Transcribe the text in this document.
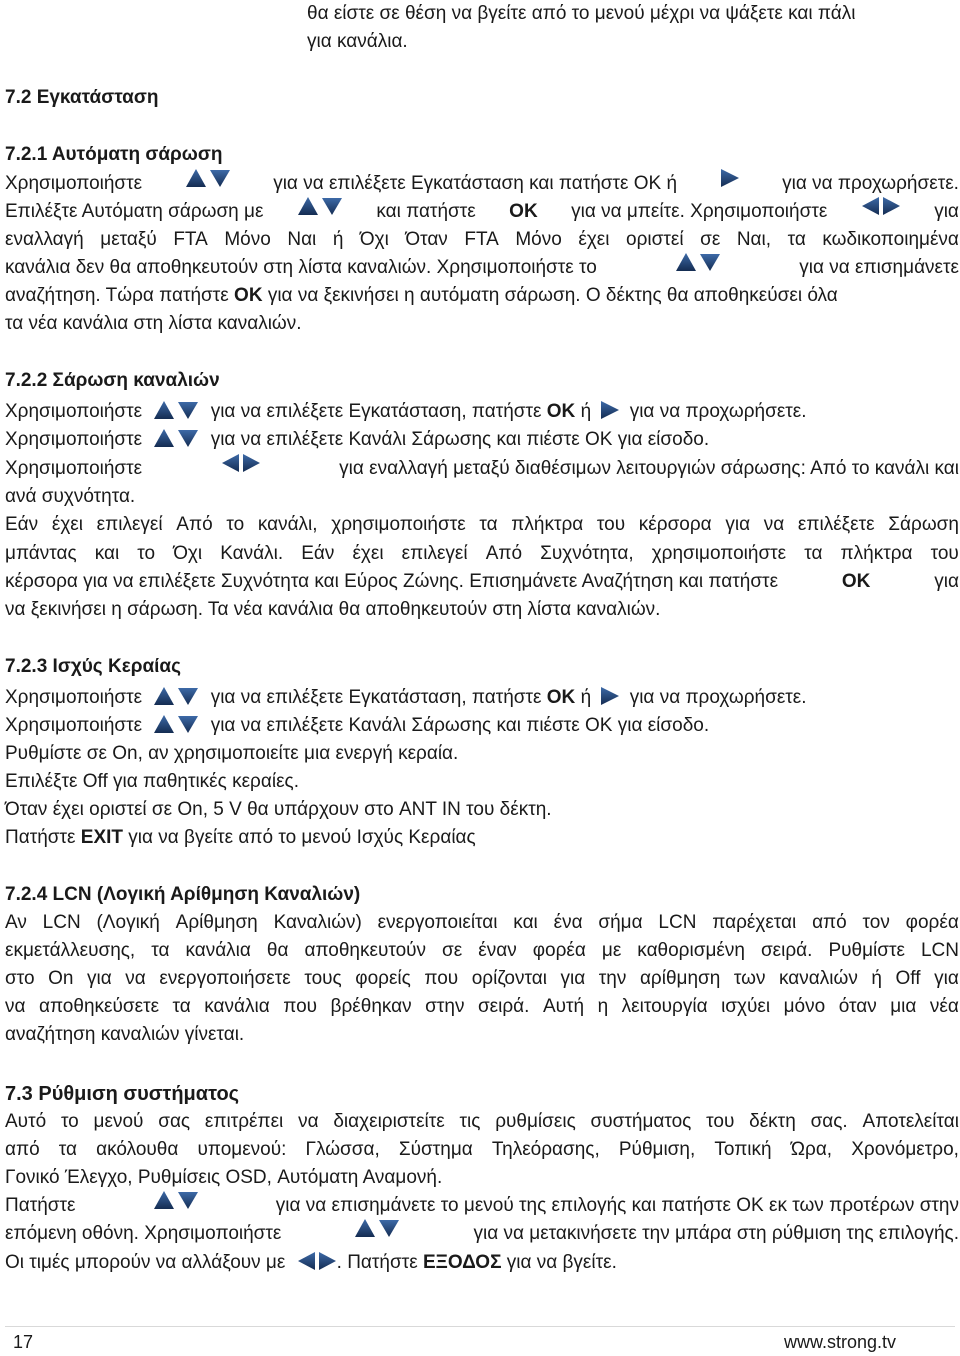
θα είστε σε θέση να βγείτε από το μενού μέχρι να ψάξετε και πάλι
για κανάλια.
7.2 Εγκατάσταση
7.2.1 Αυτόματη σάρωση
Χρησιμοποιήστε	για να επιλέξετε Εγκατάσταση και πατήστε ΟΚ ή	για να προχωρήσετε.
Επιλέξτε Αυτόματη σάρωση με	και πατήστε OK για να μπείτε. Χρησιμοποιήστε	για
εναλλαγή μεταξύ FTA Μόνο Ναι ή Όχι Όταν FTA Μόνο έχει οριστεί σε Ναι, τα κωδικοποιημένα
κανάλια δεν θα αποθηκευτούν στη λίστα καναλιών. Χρησιμοποιήστε το	για να επισημάνετε
αναζήτηση. Τώρα πατήστε OK για να ξεκινήσει η αυτόματη σάρωση. Ο δέκτης θα αποθηκεύσει όλα
τα νέα κανάλια στη λίστα καναλιών.
7.2.2 Σάρωση καναλιών
Χρησιμοποιήστε	για να επιλέξετε Εγκατάσταση, πατήστε OK ή για να προχωρήσετε.
Χρησιμοποιήστε	για να επιλέξετε Κανάλι Σάρωσης και πιέστε OK για είσοδο.
Χρησιμοποιήστε	για εναλλαγή μεταξύ διαθέσιμων λειτουργιών σάρωσης: Από το κανάλι και
ανά συχνότητα.
Εάν έχει επιλεγεί Από το κανάλι, χρησιμοποιήστε τα πλήκτρα του κέρσορα για να επιλέξετε Σάρωση
μπάντας και το Όχι Κανάλι. Εάν έχει επιλεγεί Από Συχνότητα, χρησιμοποιήστε τα πλήκτρα του
κέρσορα για να επιλέξετε Συχνότητα και Εύρος Ζώνης. Επισημάνετε Αναζήτηση και πατήστε	OK	για
να ξεκινήσει η σάρωση. Τα νέα κανάλια θα αποθηκευτούν στη λίστα καναλιών.
7.2.3 Ισχύς Κεραίας
Χρησιμοποιήστε	για να επιλέξετε Εγκατάσταση, πατήστε OK ή για να προχωρήσετε.
Χρησιμοποιήστε	για να επιλέξετε Κανάλι Σάρωσης και πιέστε OK για είσοδο.
Ρυθμίστε σε On, αν χρησιμοποιείτε μια ενεργή κεραία.
Επιλέξτε Off για παθητικές κεραίες.
Όταν έχει οριστεί σε On, 5 V θα υπάρχουν στο ANT IN του δέκτη.
Πατήστε EXIT για να βγείτε από το μενού Ισχύς Κεραίας
7.2.4 LCN (Λογική Αρίθμηση Καναλιών)
Αν LCN (Λογική Αρίθμηση Καναλιών) ενεργοποιείται και ένα σήμα LCN παρέχεται από τον φορέα
εκμετάλλευσης, τα κανάλια θα αποθηκευτούν σε έναν φορέα με καθορισμένη σειρά. Ρυθμίστε LCN
στο On για να ενεργοποιήσετε τους φορείς που ορίζονται για την αρίθμηση των καναλιών ή Off για
να αποθηκεύσετε τα κανάλια που βρέθηκαν στην σειρά. Αυτή η λειτουργία ισχύει μόνο όταν μια νέα
αναζήτηση καναλιών γίνεται.
7.3 Ρύθμιση συστήματος
Αυτό το μενού σας επιτρέπει να διαχειριστείτε τις ρυθμίσεις συστήματος του δέκτη σας. Αποτελείται
από τα ακόλουθα υπομενού: Γλώσσα, Σύστημα Τηλεόρασης, Ρύθμιση, Τοπική Ώρα, Χρονόμετρο,
Γονικό Έλεγχο, Ρυθμίσεις OSD, Αυτόματη Αναμονή.
Πατήστε	για να επισημάνετε το μενού της επιλογής και πατήστε ΟΚ εκ των προτέρων στην
επόμενη οθόνη. Χρησιμοποιήστε	για να μετακινήσετε την μπάρα στη ρύθμιση της επιλογής.
Οι τιμές μπορούν να αλλάξουν με	. Πατήστε ΕΞΟΔΟΣ για να βγείτε.
17	www.strong.tv
